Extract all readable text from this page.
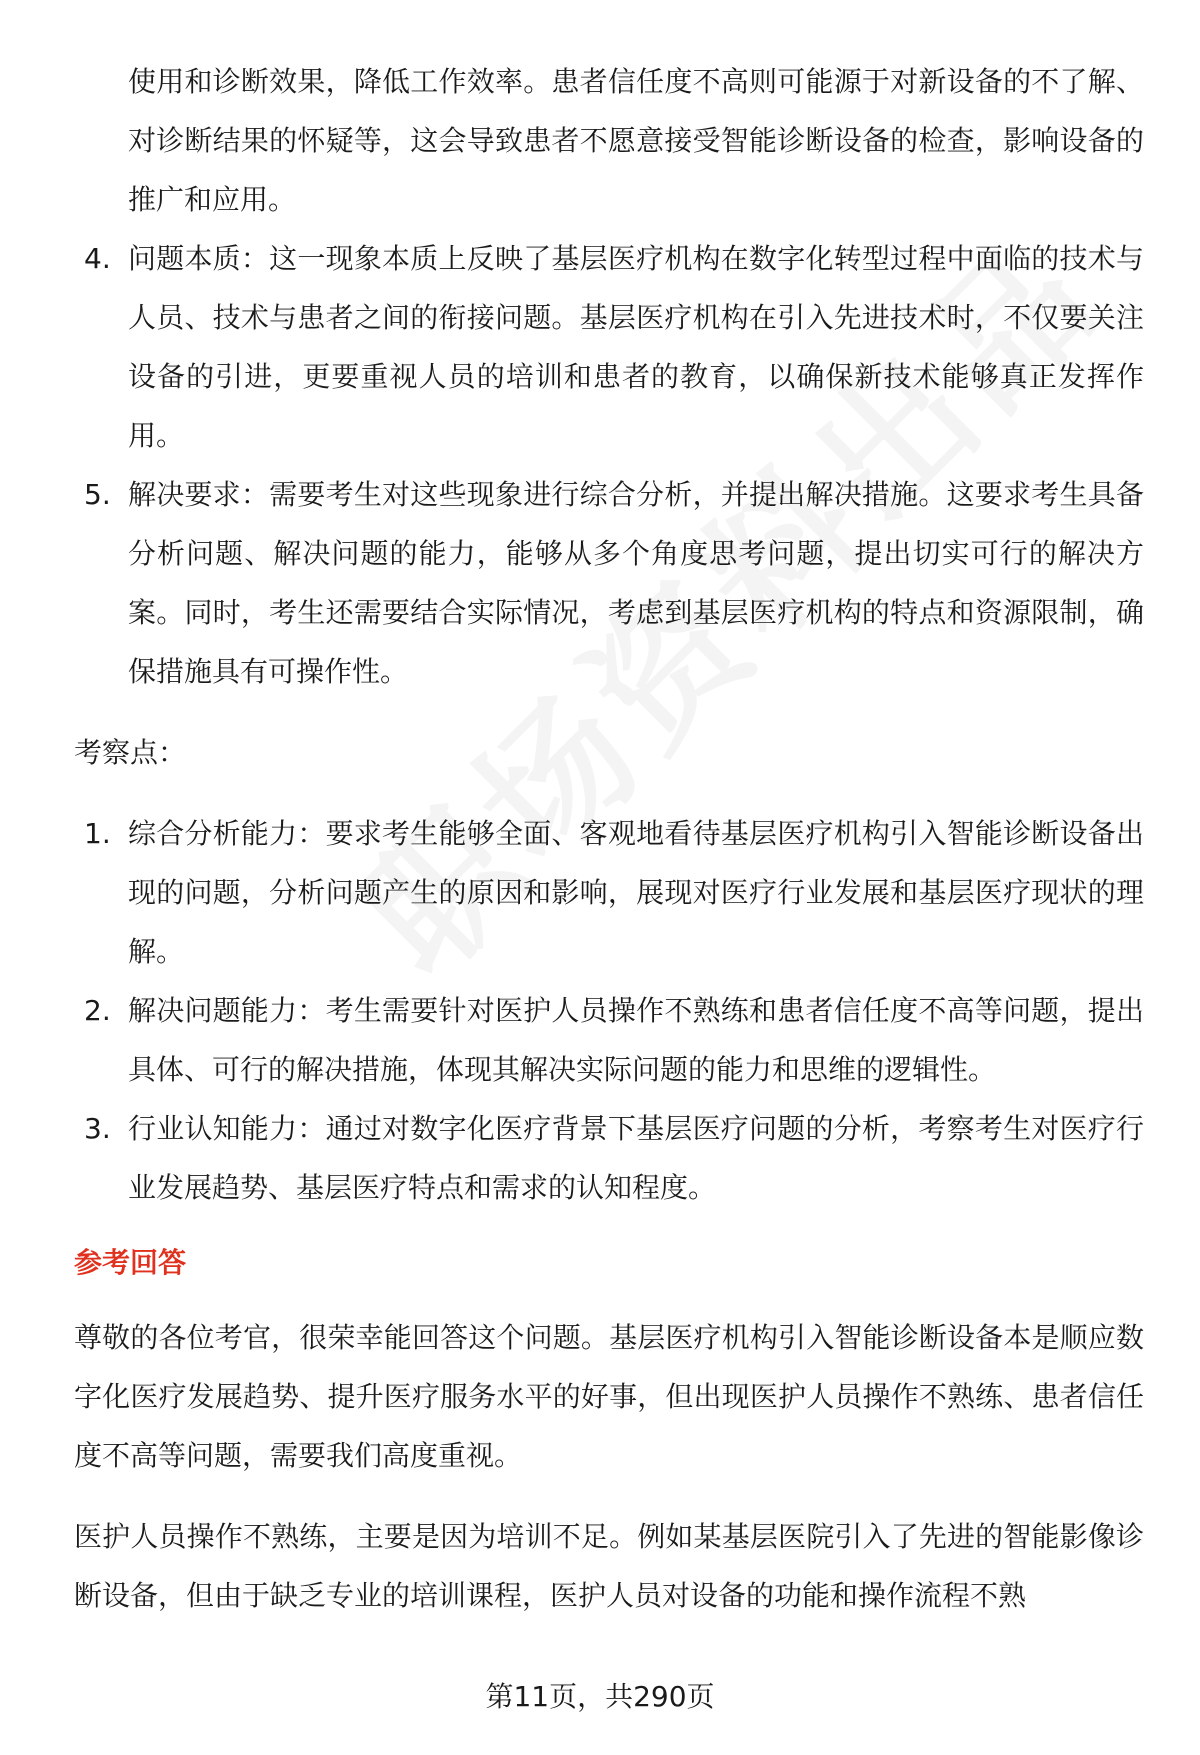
使用和诊断效果，降低工作效率。患者信任度不高则可能源于对新设备的不了解、对诊断结果的怀疑等，这会导致患者不愿意接受智能诊断设备的检查，影响设备的推广和应用。

4. 问题本质：这一现象本质上反映了基层医疗机构在数字化转型过程中面临的技术与人员、技术与患者之间的衔接问题。基层医疗机构在引入先进技术时，不仅要关注设备的引进，更要重视人员的培训和患者的教育，以确保新技术能够真正发挥作用。
5. 解决要求：需要考生对这些现象进行综合分析，并提出解决措施。这要求考生具备分析问题、解决问题的能力，能够从多个角度思考问题，提出切实可行的解决方案。同时，考生还需要结合实际情况，考虑到基层医疗机构的特点和资源限制，确保措施具有可操作性。

考察点：

1. 综合分析能力：要求考生能够全面、客观地看待基层医疗机构引入智能诊断设备出现的问题，分析问题产生的原因和影响，展现对医疗行业发展和基层医疗现状的理解。
2. 解决问题能力：考生需要针对医护人员操作不熟练和患者信任度不高等问题，提出具体、可行的解决措施，体现其解决实际问题的能力和思维的逻辑性。
3. 行业认知能力：通过对数字化医疗背景下基层医疗问题的分析，考察考生对医疗行业发展趋势、基层医疗特点和需求的认知程度。

参考回答

尊敬的各位考官，很荣幸能回答这个问题。基层医疗机构引入智能诊断设备本是顺应数字化医疗发展趋势、提升医疗服务水平的好事，但出现医护人员操作不熟练、患者信任度不高等问题，需要我们高度重视。

医护人员操作不熟练，主要是因为培训不足。例如某基层医院引入了先进的智能影像诊断设备，但由于缺乏专业的培训课程，医护人员对设备的功能和操作流程不熟

第11页，共290页
